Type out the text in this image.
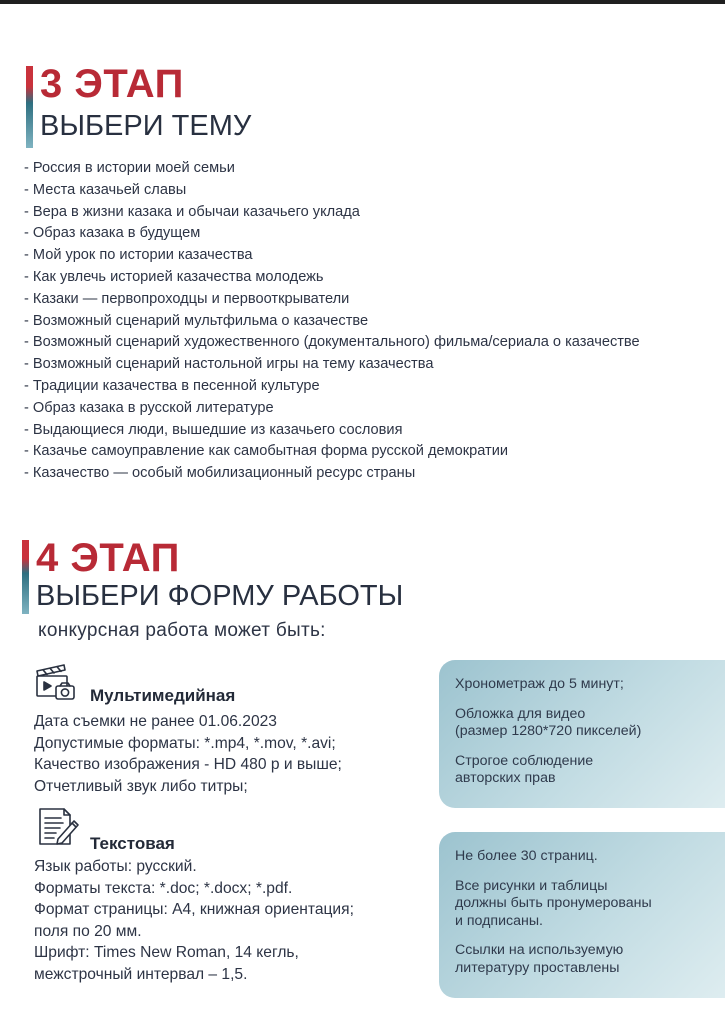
3 ЭТАП
ВЫБЕРИ ТЕМУ
- Россия в истории моей семьи
- Места казачьей славы
- Вера в жизни казака и обычаи казачьего уклада
- Образ казака в будущем
- Мой урок по истории казачества
- Как увлечь историей казачества молодежь
- Казаки — первопроходцы и первооткрыватели
- Возможный сценарий мультфильма о казачестве
- Возможный сценарий художественного (документального) фильма/сериала о казачестве
- Возможный сценарий настольной игры на тему казачества
- Традиции казачества в песенной культуре
- Образ казака в русской литературе
- Выдающиеся люди, вышедшие из казачьего сословия
- Казачье самоуправление как самобытная форма русской демократии
- Казачество — особый мобилизационный ресурс страны
4 ЭТАП
ВЫБЕРИ ФОРМУ РАБОТЫ
конкурсная работа может быть:
Мультимедийная
Дата съемки не ранее 01.06.2023
Допустимые форматы: *.mp4, *.mov, *.avi;
Качество изображения - HD 480 р и выше;
Отчетливый звук либо титры;

Хронометраж до 5 минут;

Обложка для видео
(размер 1280*720 пикселей)

Строгое соблюдение
авторских прав

Текстовая
Язык работы: русский.
Форматы текста: *.doc; *.docx; *.pdf.
Формат страницы: А4, книжная ориентация;
поля по 20 мм.
Шрифт: Times New Roman, 14 кегль,
межстрочный интервал – 1,5.

Не более 30 страниц.

Все рисунки и таблицы
должны быть пронумерованы
и подписаны.

Ссылки на используемую
литературу проставлены
